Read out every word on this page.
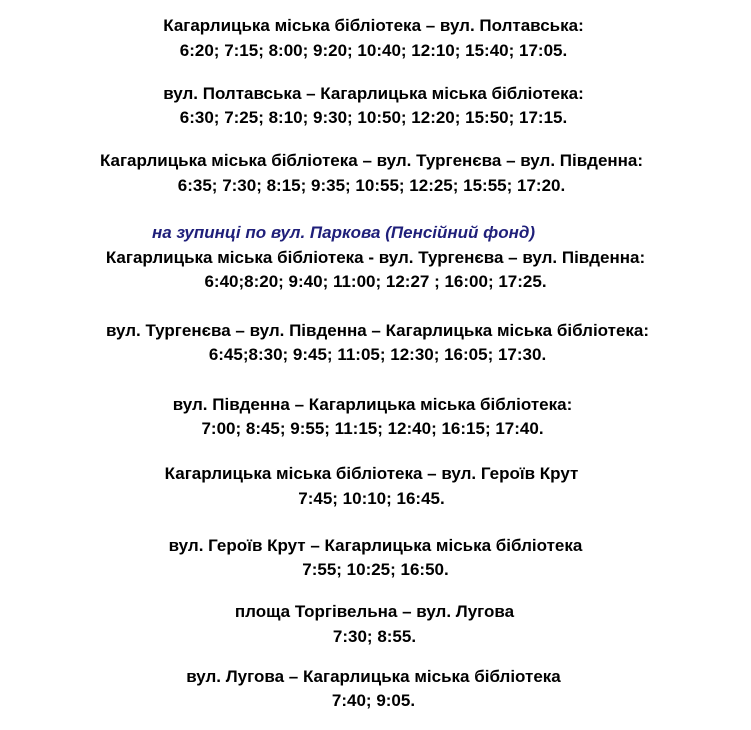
Кагарлицька міська бібліотека – вул. Полтавська:
6:20; 7:15; 8:00; 9:20; 10:40; 12:10; 15:40; 17:05.
вул. Полтавська – Кагарлицька міська бібліотека:
6:30; 7:25; 8:10; 9:30; 10:50; 12:20; 15:50; 17:15.
Кагарлицька міська бібліотека – вул. Тургенєва – вул. Південна:
6:35; 7:30; 8:15; 9:35; 10:55; 12:25; 15:55; 17:20.
на зупинці по вул. Паркова (Пенсійний фонд)
Кагарлицька міська бібліотека - вул. Тургенєва – вул. Південна:
6:40;8:20; 9:40; 11:00; 12:27 ; 16:00; 17:25.
вул. Тургенєва – вул. Південна – Кагарлицька міська бібліотека:
6:45;8:30; 9:45; 11:05; 12:30; 16:05; 17:30.
вул. Південна – Кагарлицька міська бібліотека:
7:00; 8:45; 9:55; 11:15; 12:40; 16:15; 17:40.
Кагарлицька міська бібліотека – вул. Героїв Крут
7:45; 10:10; 16:45.
вул. Героїв Крут – Кагарлицька міська бібліотека
7:55; 10:25; 16:50.
площа Торгівельна – вул. Лугова
7:30; 8:55.
вул. Лугова – Кагарлицька міська бібліотека
7:40; 9:05.
